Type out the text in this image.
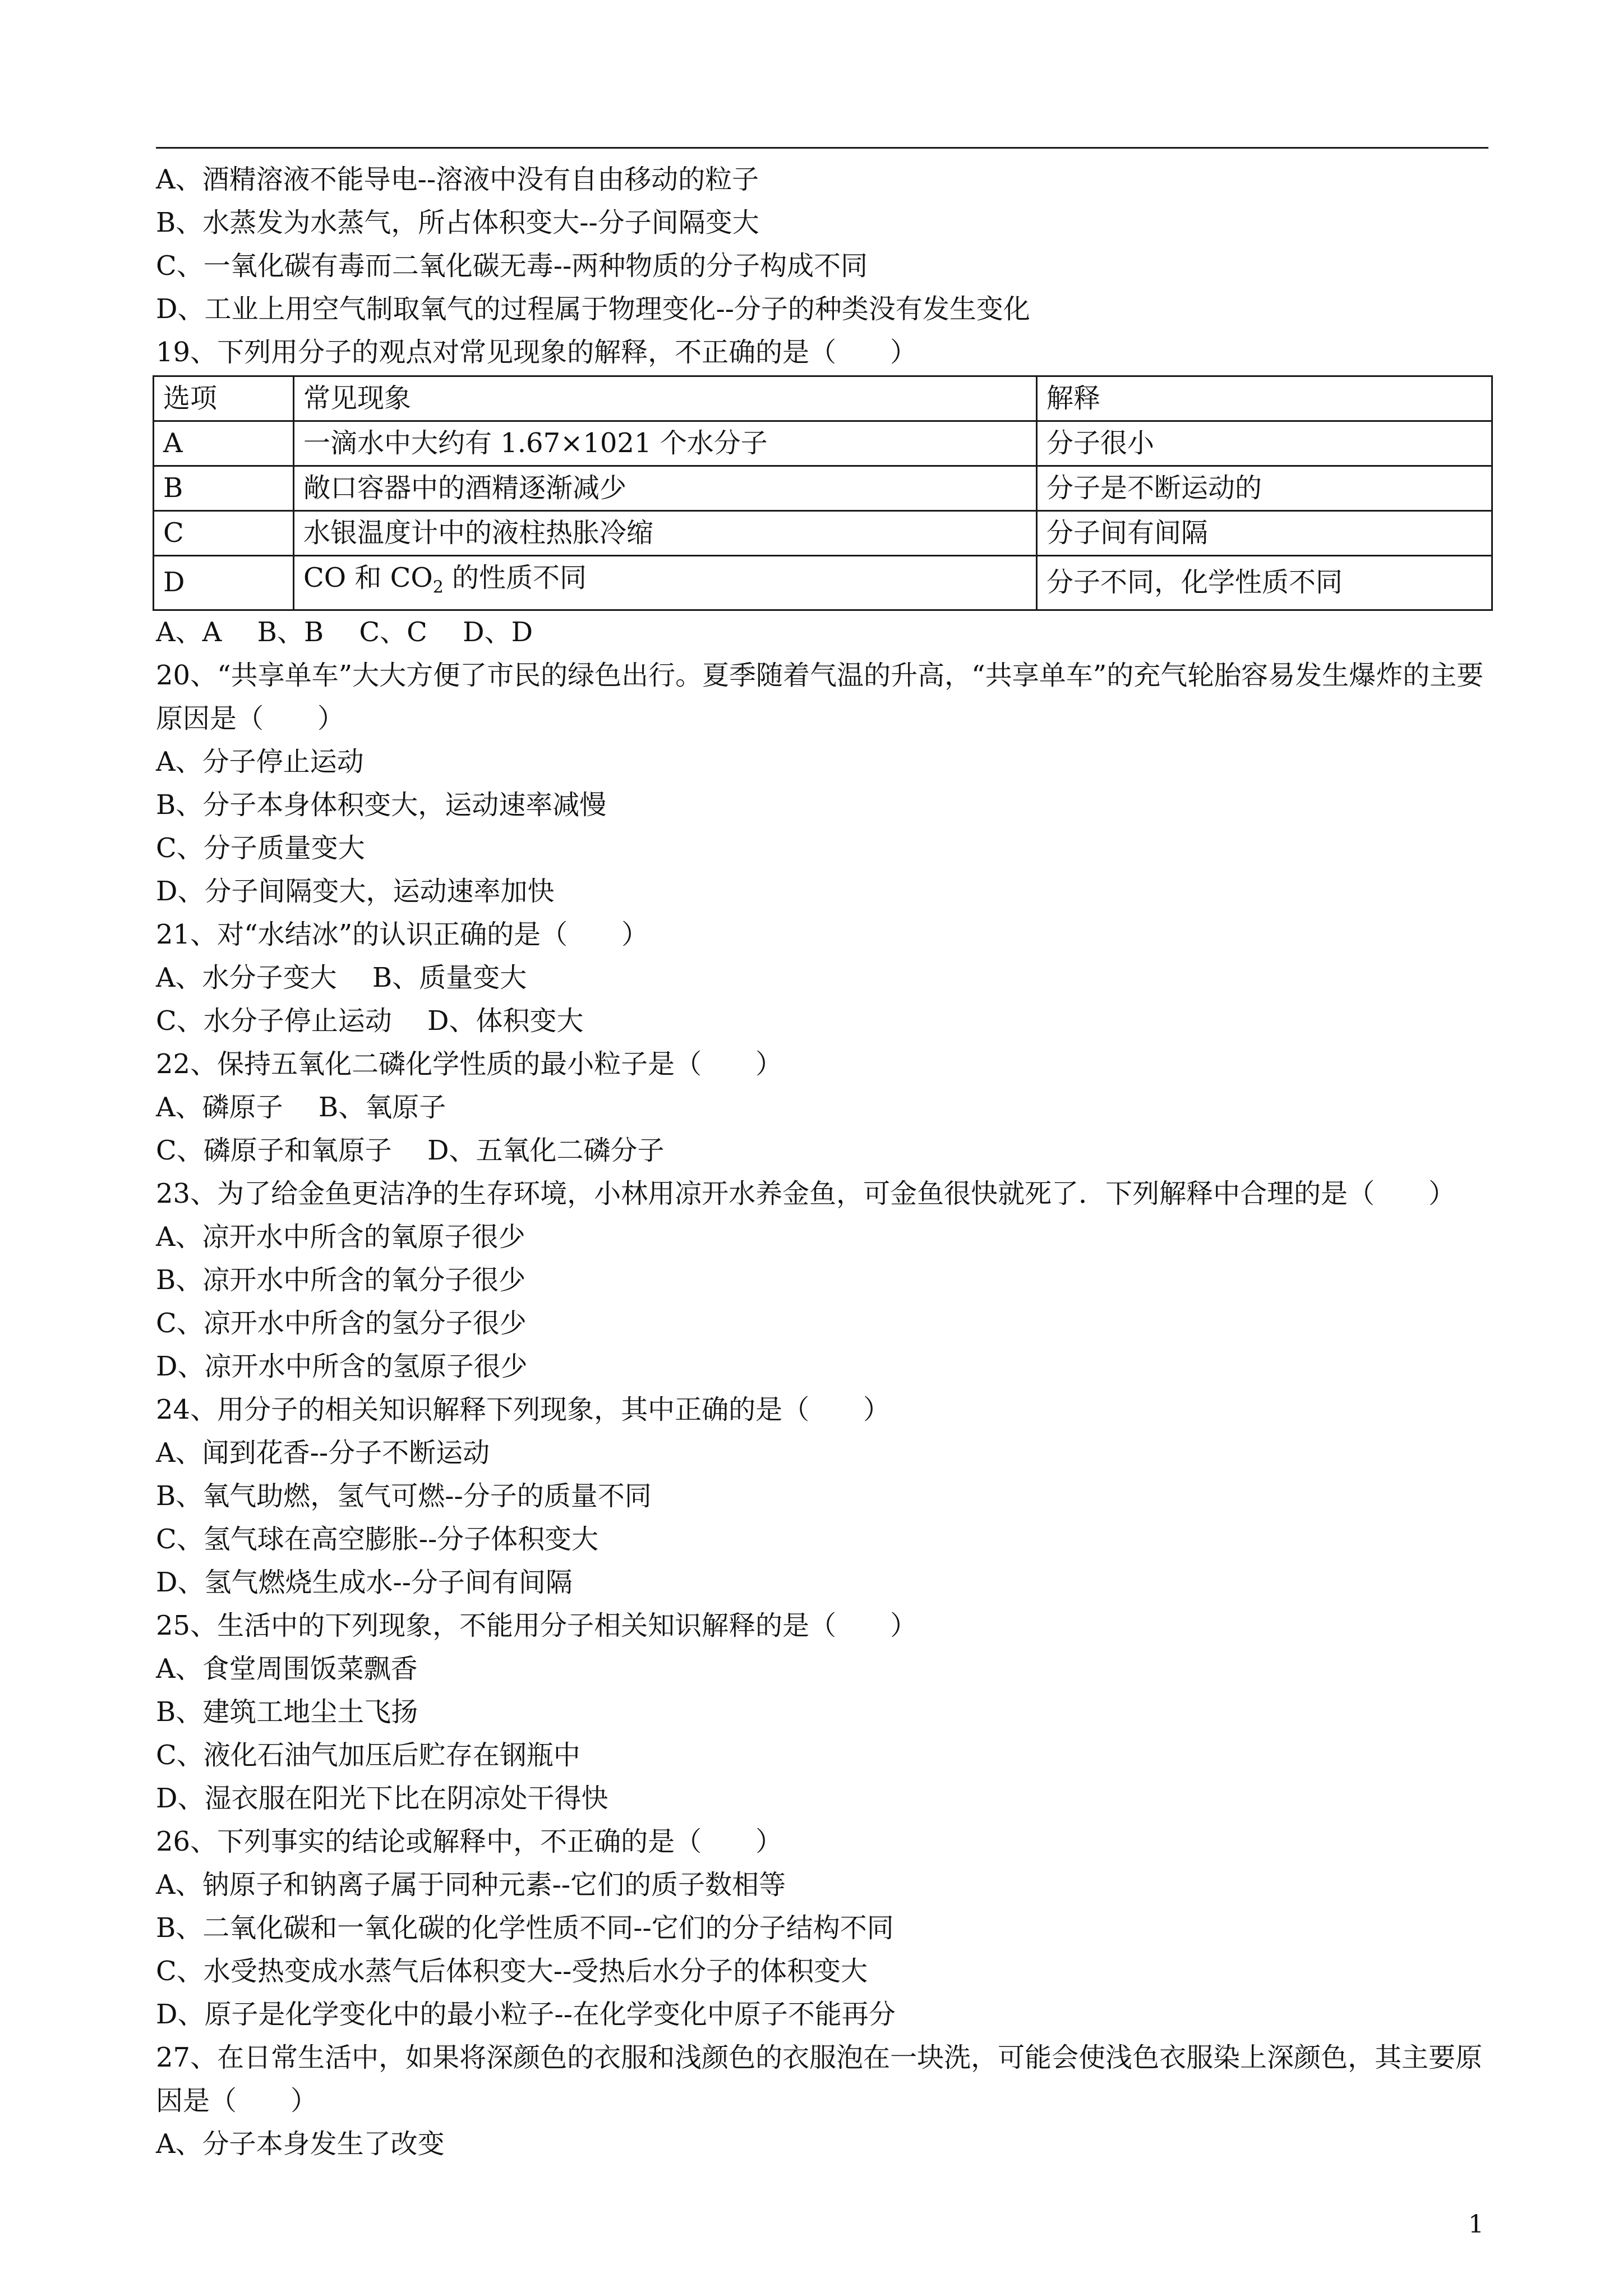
A、酒精溶液不能导电--溶液中没有自由移动的粒子
B、水蒸发为水蒸气，所占体积变大--分子间隔变大
C、一氧化碳有毒而二氧化碳无毒--两种物质的分子构成不同
D、工业上用空气制取氧气的过程属于物理变化--分子的种类没有发生变化
19、下列用分子的观点对常见现象的解释，不正确的是（　　）
选项	常见现象	解释
A	一滴水中大约有 1.67×1021 个水分子	分子很小
B	敞口容器中的酒精逐渐减少	分子是不断运动的
C	水银温度计中的液柱热胀冷缩	分子间有间隔
D	CO 和 $CO_2$ 的性质不同	分子不同，化学性质不同
A、A　 B、B　 C、C　 D、D
20、“共享单车”大大方便了市民的绿色出行。夏季随着气温的升高，“共享单车”的充气轮胎容易发生爆炸的主要原因是（　　）
A、分子停止运动
B、分子本身体积变大，运动速率减慢
C、分子质量变大
D、分子间隔变大，运动速率加快
21、对“水结冰”的认识正确的是（　　）
A、水分子变大　 B、质量变大
C、水分子停止运动　 D、体积变大
22、保持五氧化二磷化学性质的最小粒子是（　　）
A、磷原子　 B、氧原子
C、磷原子和氧原子　 D、五氧化二磷分子
23、为了给金鱼更洁净的生存环境，小林用凉开水养金鱼，可金鱼很快就死了．下列解释中合理的是（　　）
A、凉开水中所含的氧原子很少
B、凉开水中所含的氧分子很少
C、凉开水中所含的氢分子很少
D、凉开水中所含的氢原子很少
24、用分子的相关知识解释下列现象，其中正确的是（　　）
A、闻到花香--分子不断运动
B、氧气助燃，氢气可燃--分子的质量不同
C、氢气球在高空膨胀--分子体积变大
D、氢气燃烧生成水--分子间有间隔
25、生活中的下列现象，不能用分子相关知识解释的是（　　）
A、食堂周围饭菜飘香
B、建筑工地尘土飞扬
C、液化石油气加压后贮存在钢瓶中
D、湿衣服在阳光下比在阴凉处干得快
26、下列事实的结论或解释中，不正确的是（　　）
A、钠原子和钠离子属于同种元素--它们的质子数相等
B、二氧化碳和一氧化碳的化学性质不同--它们的分子结构不同
C、水受热变成水蒸气后体积变大--受热后水分子的体积变大
D、原子是化学变化中的最小粒子--在化学变化中原子不能再分
27、在日常生活中，如果将深颜色的衣服和浅颜色的衣服泡在一块洗，可能会使浅色衣服染上深颜色，其主要原因是（　　）
A、分子本身发生了改变
1
